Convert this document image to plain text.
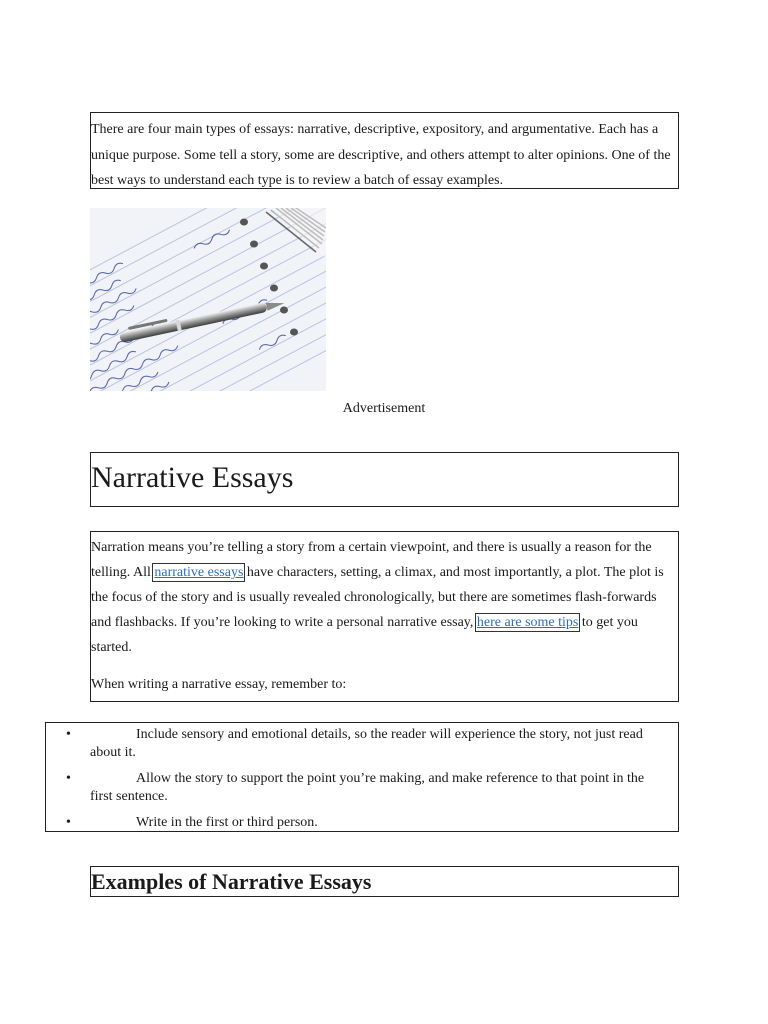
There are four main types of essays: narrative, descriptive, expository, and argumentative. Each has a unique purpose. Some tell a story, some are descriptive, and others attempt to alter opinions. One of the best ways to understand each type is to review a batch of essay examples.
Advertisement
Narrative Essays

Narration means you’re telling a story from a certain viewpoint, and there is usually a reason for the telling. All narrative essays have characters, setting, a climax, and most importantly, a plot. The plot is the focus of the story and is usually revealed chronologically, but there are sometimes flash-forwards and flashbacks. If you’re looking to write a personal narrative essay, here are some tips to get you started.

When writing a narrative essay, remember to:

•	Include sensory and emotional details, so the reader will experience the story, not just read about it.
•	Allow the story to support the point you’re making, and make reference to that point in the first sentence.
•	Write in the first or third person.
Examples of Narrative Essays
